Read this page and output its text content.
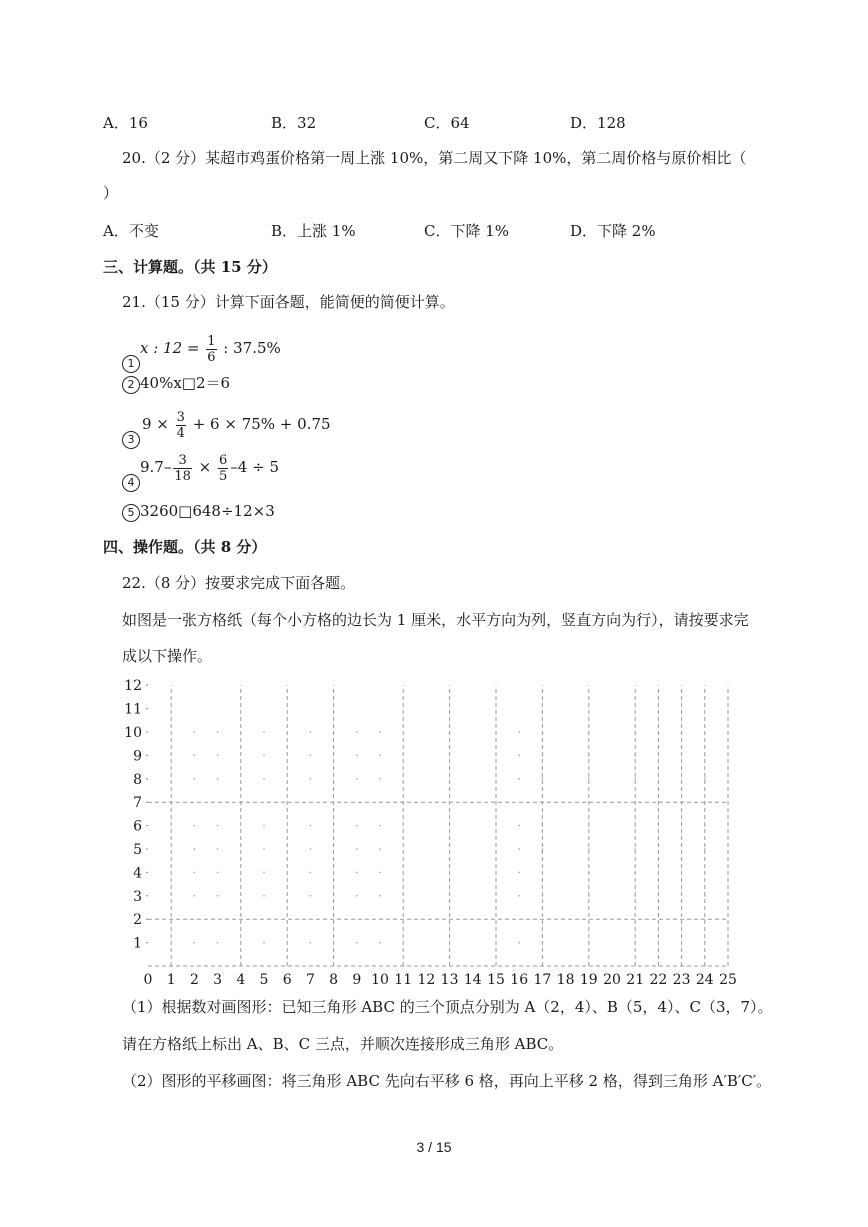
A．16	B．32	C．64	D．128
20.（2 分）某超市鸡蛋价格第一周上涨 10%，第二周又下降 10%，第二周价格与原价相比（
）
A．不变	B．上涨 1%	C．下降 1%	D．下降 2%
三、计算题。（共 15 分）
21.（15 分）计算下面各题，能简便的简便计算。
1x : $12 = \frac{1}{6}$ : 37.5%
2 40%x□2＝6
$39 \times \frac{3}{4} + 6 \times 75\% + 0.75$
$49.7- \frac{3}{18} \times \frac{6}{5} -4 \div 5$
5 3260□648÷12×3
四、操作题。（共 8 分）
22.（8 分）按要求完成下面各题。
如图是一张方格纸（每个小方格的边长为 1 厘米，水平方向为列，竖直方向为行），请按要求完
成以下操作。
1
2
3
4
5
6
7
8
9
10
11
12
0 1 2 3 4 5 6 7 8 9 10 11 12 13 14 15 16 17 18 19 20 21 22 23 24 25
（1）根据数对画图形：已知三角形 ABC 的三个顶点分别为 A（2，4）、B（5，4）、C（3，7）。
请在方格纸上标出 A、B、C 三点，并顺次连接形成三角形 ABC。
（2）图形的平移画图：将三角形 ABC 先向右平移 6 格，再向上平移 2 格，得到三角形 A′B′C′。
3 / 15
